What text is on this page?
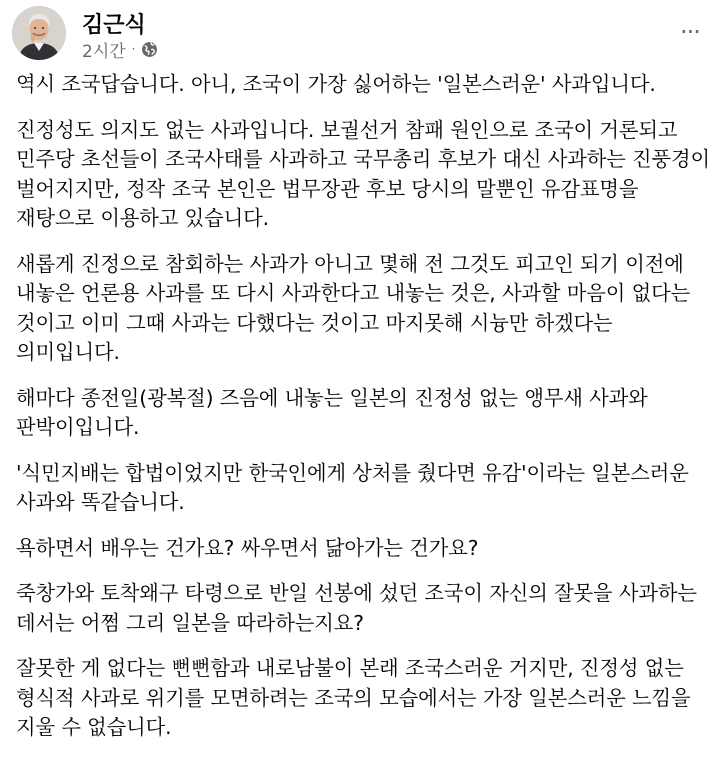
김근식
2시간 ·
···

역시 조국답습니다. 아니, 조국이 가장 싫어하는 '일본스러운' 사과입니다.

진정성도 의지도 없는 사과입니다. 보궐선거 참패 원인으로 조국이 거론되고 민주당 초선들이 조국사태를 사과하고 국무총리 후보가 대신 사과하는 진풍경이 벌어지지만, 정작 조국 본인은 법무장관 후보 당시의 말뿐인 유감표명을 재탕으로 이용하고 있습니다.

새롭게 진정으로 참회하는 사과가 아니고 몇해 전 그것도 피고인 되기 이전에 내놓은 언론용 사과를 또 다시 사과한다고 내놓는 것은, 사과할 마음이 없다는 것이고 이미 그때 사과는 다했다는 것이고 마지못해 시늉만 하겠다는 의미입니다.

해마다 종전일(광복절) 즈음에 내놓는 일본의 진정성 없는 앵무새 사과와 판박이입니다.

'식민지배는 합법이었지만 한국인에게 상처를 줬다면 유감'이라는 일본스러운 사과와 똑같습니다.

욕하면서 배우는 건가요? 싸우면서 닮아가는 건가요?

죽창가와 토착왜구 타령으로 반일 선봉에 섰던 조국이 자신의 잘못을 사과하는 데서는 어쩜 그리 일본을 따라하는지요?

잘못한 게 없다는 뻔뻔함과 내로남불이 본래 조국스러운 거지만, 진정성 없는 형식적 사과로 위기를 모면하려는 조국의 모습에서는 가장 일본스러운 느낌을 지울 수 없습니다.
